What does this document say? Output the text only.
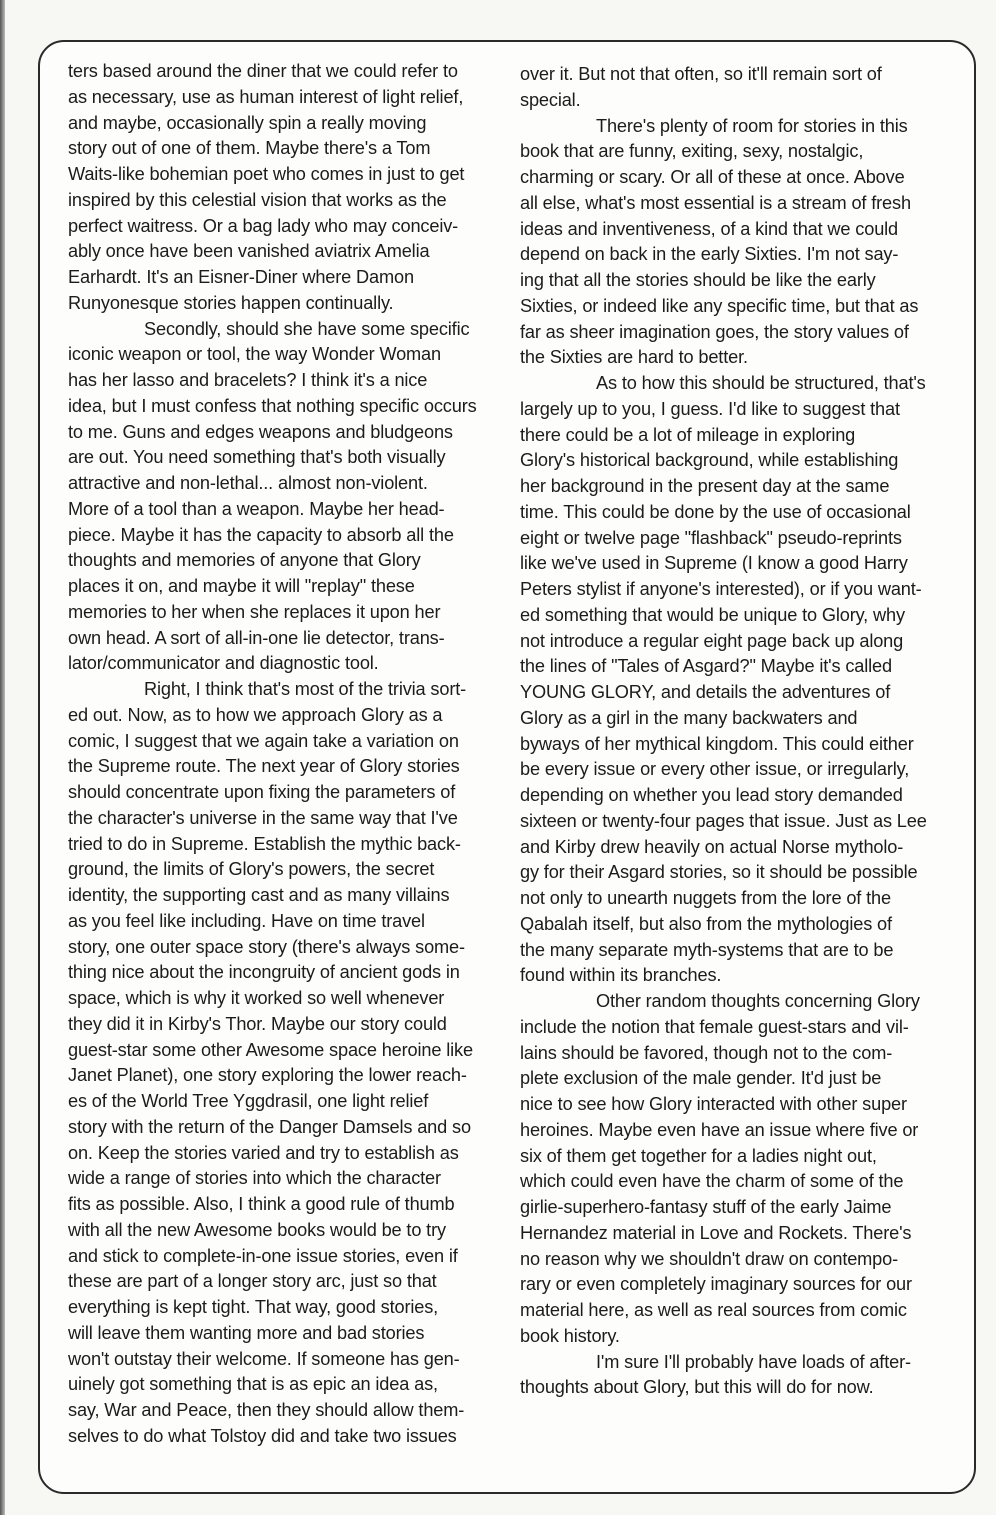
ters based around the diner that we could refer to
as necessary, use as human interest of light relief,
and maybe, occasionally spin a really moving
story out of one of them. Maybe there's a Tom
Waits-like bohemian poet who comes in just to get
inspired by this celestial vision that works as the
perfect waitress. Or a bag lady who may conceiv-
ably once have been vanished aviatrix Amelia
Earhardt. It's an Eisner-Diner where Damon
Runyonesque stories happen continually.
Secondly, should she have some specific
iconic weapon or tool, the way Wonder Woman
has her lasso and bracelets? I think it's a nice
idea, but I must confess that nothing specific occurs
to me. Guns and edges weapons and bludgeons
are out. You need something that's both visually
attractive and non-lethal... almost non-violent.
More of a tool than a weapon. Maybe her head-
piece. Maybe it has the capacity to absorb all the
thoughts and memories of anyone that Glory
places it on, and maybe it will "replay" these
memories to her when she replaces it upon her
own head. A sort of all-in-one lie detector, trans-
lator/communicator and diagnostic tool.
Right, I think that's most of the trivia sort-
ed out. Now, as to how we approach Glory as a
comic, I suggest that we again take a variation on
the Supreme route. The next year of Glory stories
should concentrate upon fixing the parameters of
the character's universe in the same way that I've
tried to do in Supreme. Establish the mythic back-
ground, the limits of Glory's powers, the secret
identity, the supporting cast and as many villains
as you feel like including. Have on time travel
story, one outer space story (there's always some-
thing nice about the incongruity of ancient gods in
space, which is why it worked so well whenever
they did it in Kirby's Thor. Maybe our story could
guest-star some other Awesome space heroine like
Janet Planet), one story exploring the lower reach-
es of the World Tree Yggdrasil, one light relief
story with the return of the Danger Damsels and so
on. Keep the stories varied and try to establish as
wide a range of stories into which the character
fits as possible. Also, I think a good rule of thumb
with all the new Awesome books would be to try
and stick to complete-in-one issue stories, even if
these are part of a longer story arc, just so that
everything is kept tight. That way, good stories,
will leave them wanting more and bad stories
won't outstay their welcome. If someone has gen-
uinely got something that is as epic an idea as,
say, War and Peace, then they should allow them-
selves to do what Tolstoy did and take two issues
over it. But not that often, so it'll remain sort of
special.
There's plenty of room for stories in this
book that are funny, exiting, sexy, nostalgic,
charming or scary. Or all of these at once. Above
all else, what's most essential is a stream of fresh
ideas and inventiveness, of a kind that we could
depend on back in the early Sixties. I'm not say-
ing that all the stories should be like the early
Sixties, or indeed like any specific time, but that as
far as sheer imagination goes, the story values of
the Sixties are hard to better.
As to how this should be structured, that's
largely up to you, I guess. I'd like to suggest that
there could be a lot of mileage in exploring
Glory's historical background, while establishing
her background in the present day at the same
time. This could be done by the use of occasional
eight or twelve page "flashback" pseudo-reprints
like we've used in Supreme (I know a good Harry
Peters stylist if anyone's interested), or if you want-
ed something that would be unique to Glory, why
not introduce a regular eight page back up along
the lines of "Tales of Asgard?" Maybe it's called
YOUNG GLORY, and details the adventures of
Glory as a girl in the many backwaters and
byways of her mythical kingdom. This could either
be every issue or every other issue, or irregularly,
depending on whether you lead story demanded
sixteen or twenty-four pages that issue. Just as Lee
and Kirby drew heavily on actual Norse mytholo-
gy for their Asgard stories, so it should be possible
not only to unearth nuggets from the lore of the
Qabalah itself, but also from the mythologies of
the many separate myth-systems that are to be
found within its branches.
Other random thoughts concerning Glory
include the notion that female guest-stars and vil-
lains should be favored, though not to the com-
plete exclusion of the male gender. It'd just be
nice to see how Glory interacted with other super
heroines. Maybe even have an issue where five or
six of them get together for a ladies night out,
which could even have the charm of some of the
girlie-superhero-fantasy stuff of the early Jaime
Hernandez material in Love and Rockets. There's
no reason why we shouldn't draw on contempo-
rary or even completely imaginary sources for our
material here, as well as real sources from comic
book history.
I'm sure I'll probably have loads of after-
thoughts about Glory, but this will do for now.
